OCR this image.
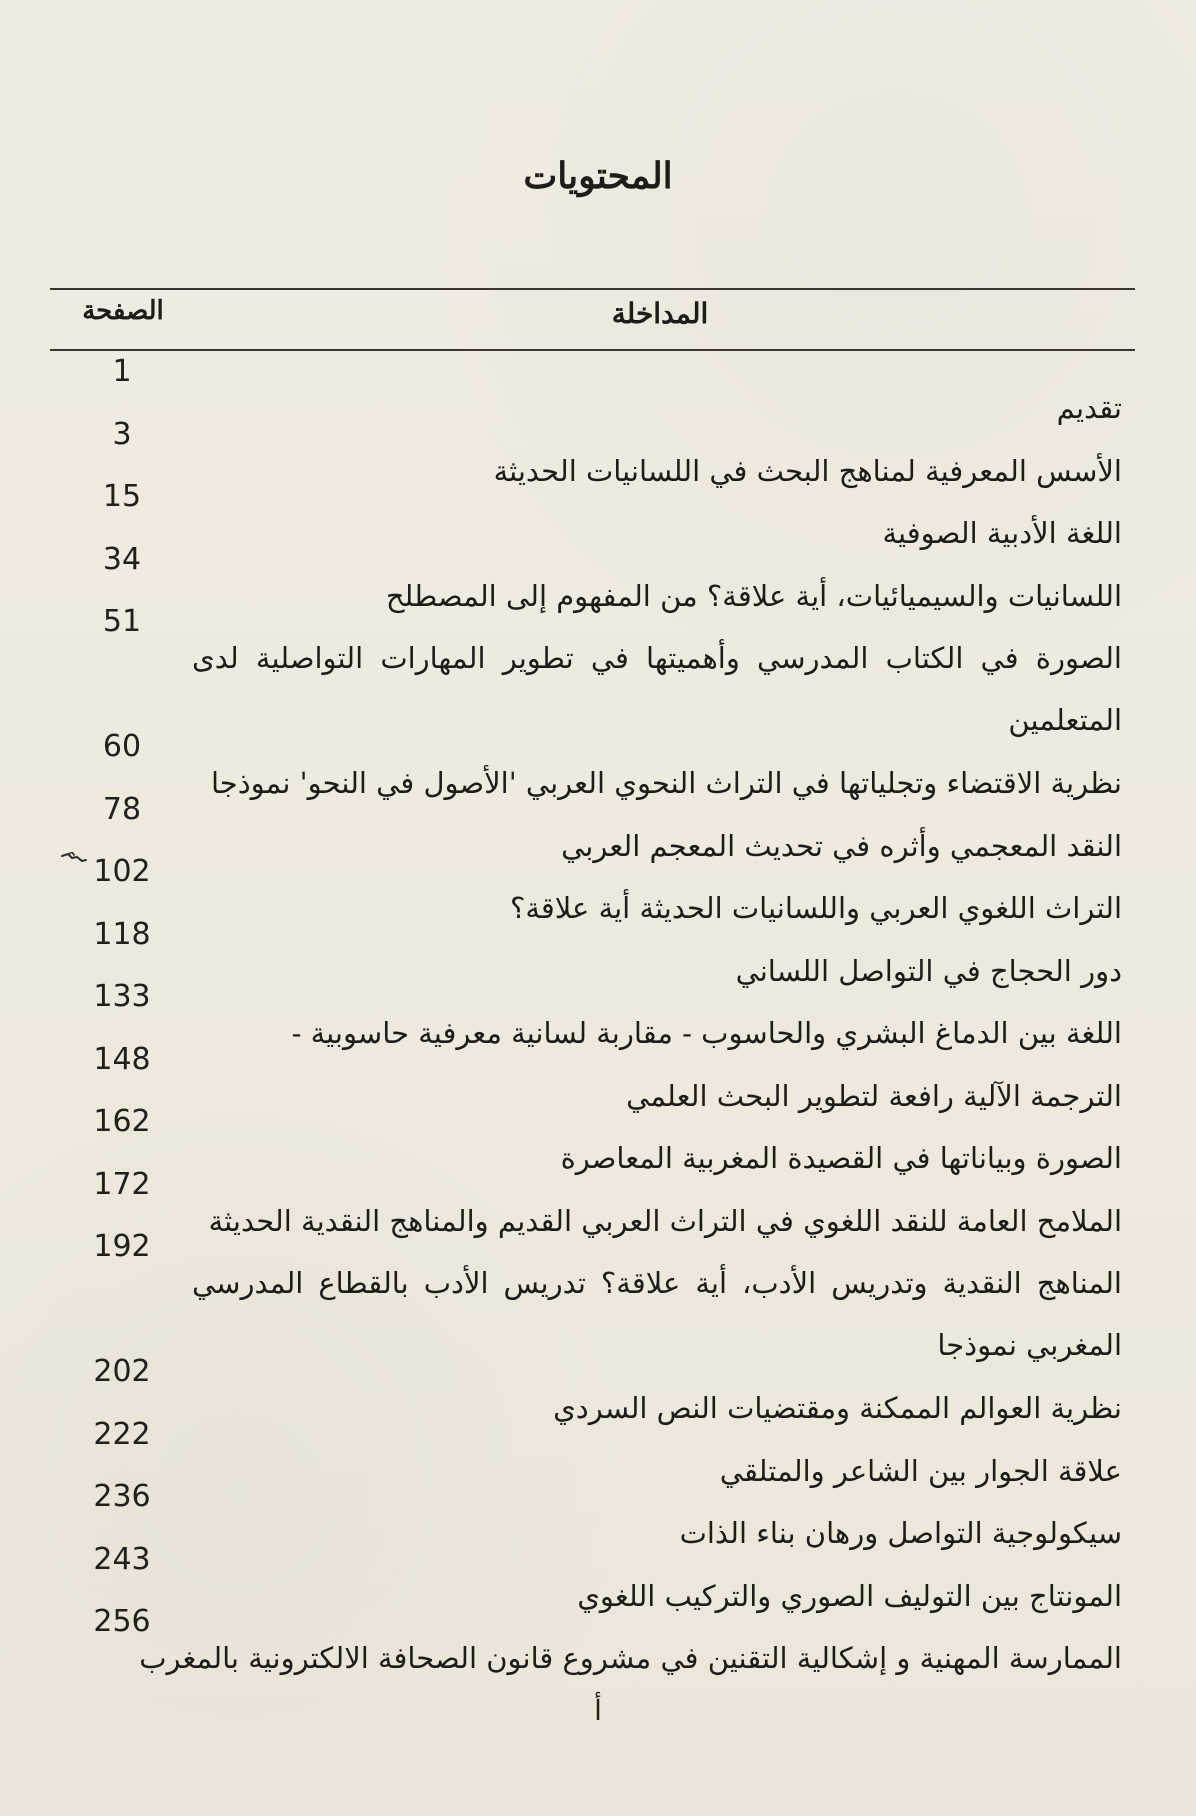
المحتويات
الصفحة	المداخلة
1
تقديم
3
الأسس المعرفية لمناهج البحث في اللسانيات الحديثة
15
اللغة الأدبية الصوفية
34
اللسانيات والسيميائيات، أية علاقة؟ من المفهوم إلى المصطلح
51
الصورة في الكتاب المدرسي وأهميتها في تطوير المهارات التواصلية لدى المتعلمين
60
نظرية الاقتضاء وتجلياتها في التراث النحوي العربي 'الأصول في النحو' نموذجا
78
النقد المعجمي وأثره في تحديث المعجم العربي
102
التراث اللغوي العربي واللسانيات الحديثة أية علاقة؟
118
دور الحجاج في التواصل اللساني
133
اللغة بين الدماغ البشري والحاسوب - مقاربة لسانية معرفية حاسوبية -
148
الترجمة الآلية رافعة لتطوير البحث العلمي
162
الصورة وبياناتها في القصيدة المغربية المعاصرة
172
الملامح العامة للنقد اللغوي في التراث العربي القديم والمناهج النقدية الحديثة
192
المناهج النقدية وتدريس الأدب، أية علاقة؟ تدريس الأدب بالقطاع المدرسي المغربي نموذجا
202
نظرية العوالم الممكنة ومقتضيات النص السردي
222
علاقة الجوار بين الشاعر والمتلقي
236
سيكولوجية التواصل ورهان بناء الذات
243
المونتاج بين التوليف الصوري والتركيب اللغوي
256
الممارسة المهنية و إشكالية التقنين في مشروع قانون الصحافة الالكترونية بالمغرب
أ
